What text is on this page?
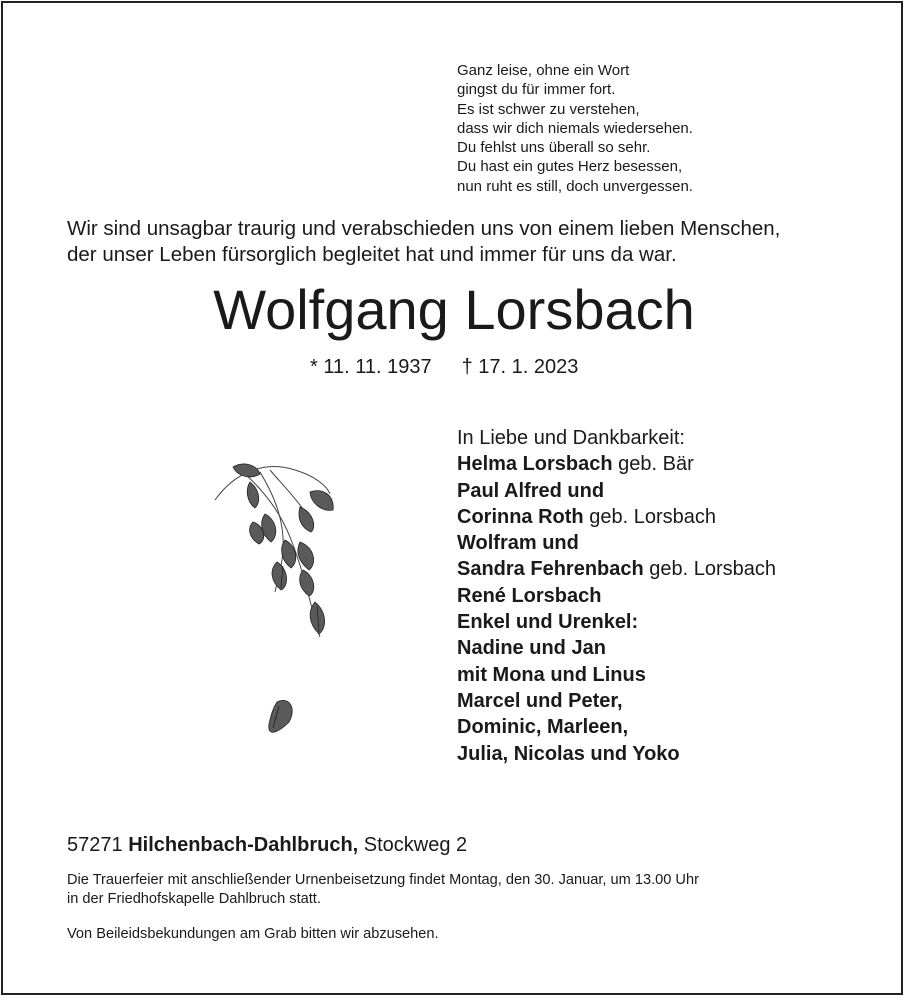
Ganz leise, ohne ein Wort
gingst du für immer fort.
Es ist schwer zu verstehen,
dass wir dich niemals wiedersehen.
Du fehlst uns überall so sehr.
Du hast ein gutes Herz besessen,
nun ruht es still, doch unvergessen.
Wir sind unsagbar traurig und verabschieden uns von einem lieben Menschen,
der unser Leben fürsorglich begleitet hat und immer für uns da war.
Wolfgang Lorsbach
* 11. 11. 1937 † 17. 1. 2023
In Liebe und Dankbarkeit:
Helma Lorsbach geb. Bär
Paul Alfred und
Corinna Roth geb. Lorsbach
Wolfram und
Sandra Fehrenbach geb. Lorsbach
René Lorsbach
Enkel und Urenkel:
Nadine und Jan
mit Mona und Linus
Marcel und Peter,
Dominic, Marleen,
Julia, Nicolas und Yoko
57271 Hilchenbach-Dahlbruch, Stockweg 2
Die Trauerfeier mit anschließender Urnenbeisetzung findet Montag, den 30. Januar, um 13.00 Uhr
in der Friedhofskapelle Dahlbruch statt.
Von Beileidsbekundungen am Grab bitten wir abzusehen.
